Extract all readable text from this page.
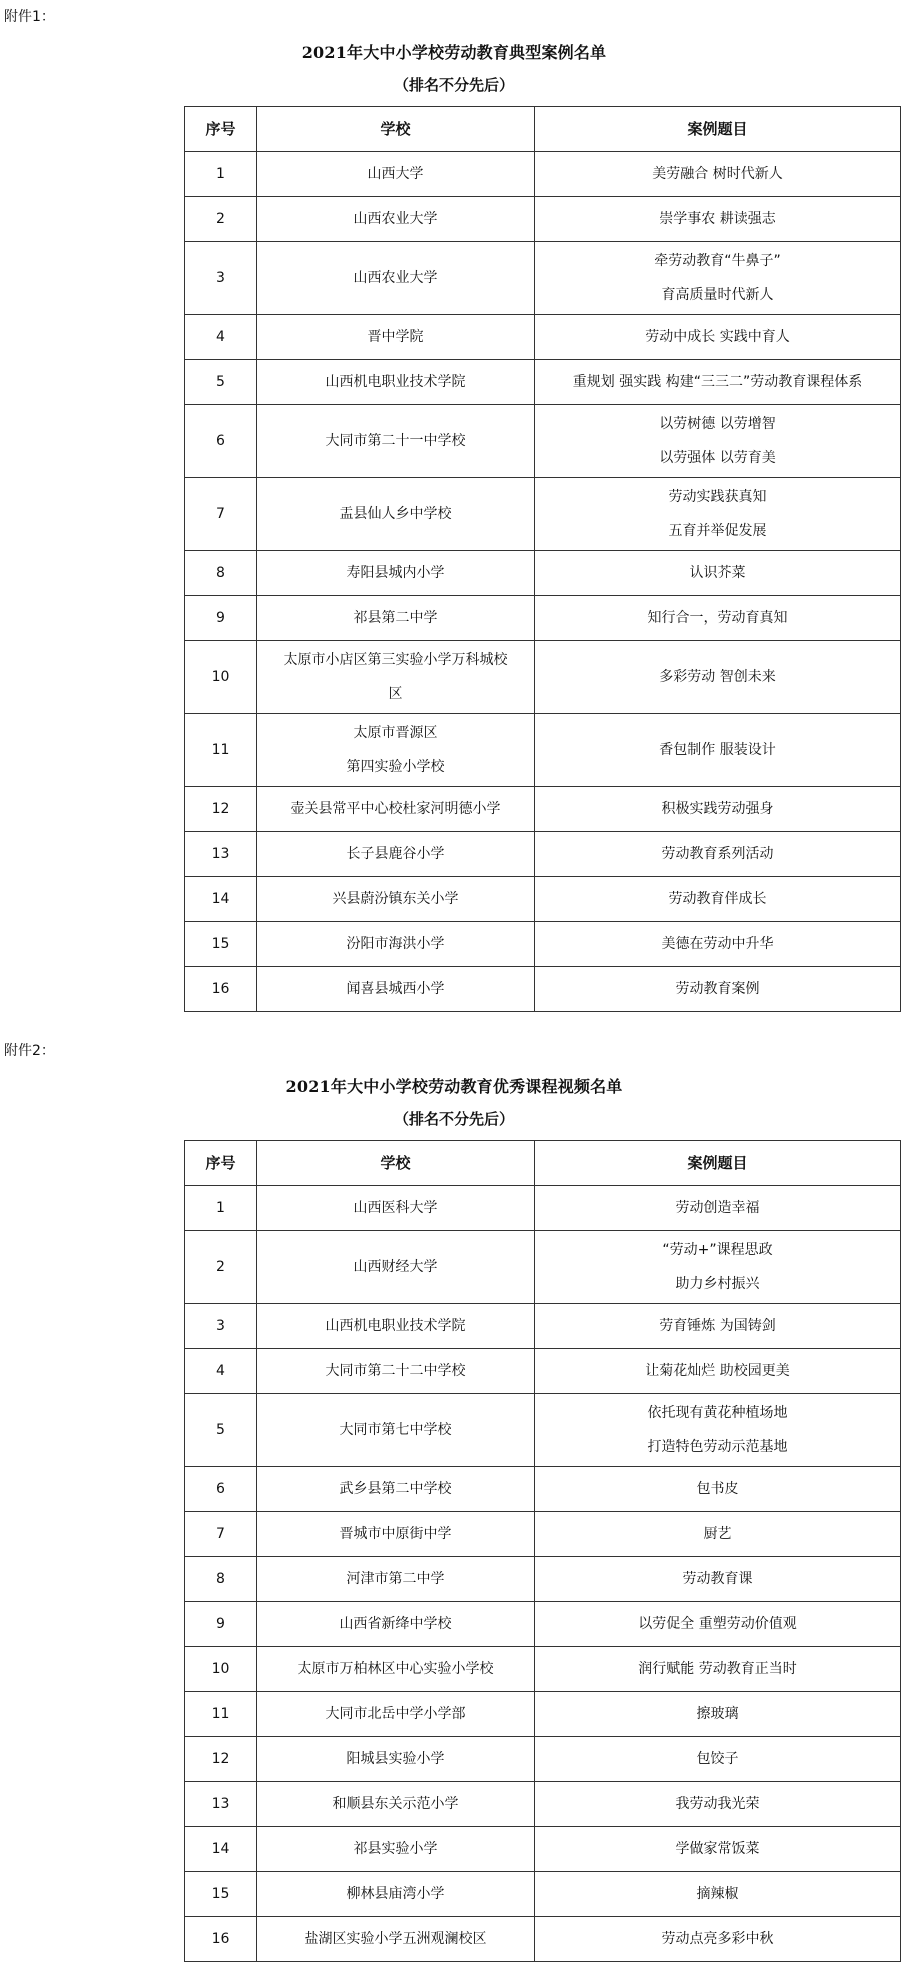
附件1：
2021年大中小学校劳动教育典型案例名单
（排名不分先后）
序号	学校	案例题目
1	山西大学	美劳融合 树时代新人

2	山西农业大学	崇学事农 耕读强志

3	山西农业大学	牵劳动教育“牛鼻子”
育高质量时代新人

4	晋中学院	劳动中成长 实践中育人

5	山西机电职业技术学院	重规划 强实践 构建“三三二”劳动教育课程体系

6	大同市第二十一中学校	以劳树德 以劳增智
以劳强体 以劳育美

7	盂县仙人乡中学校	劳动实践获真知
五育并举促发展

8	寿阳县城内小学	认识芥菜

9	祁县第二中学	知行合一，劳动育真知

10	太原市小店区第三实验小学万科城校
区	多彩劳动 智创未来

11	太原市晋源区
第四实验小学校	香包制作 服装设计

12	壶关县常平中心校杜家河明德小学	积极实践劳动强身

13	长子县鹿谷小学	劳动教育系列活动

14	兴县蔚汾镇东关小学	劳动教育伴成长

15	汾阳市海洪小学	美德在劳动中升华

16	闻喜县城西小学	劳动教育案例
附件2：
2021年大中小学校劳动教育优秀课程视频名单
（排名不分先后）
序号	学校	案例题目
1	山西医科大学	劳动创造幸福

2	山西财经大学	“劳动+”课程思政
助力乡村振兴

3	山西机电职业技术学院	劳育锤炼 为国铸剑

4	大同市第二十二中学校	让菊花灿烂 助校园更美

5	大同市第七中学校	依托现有黄花种植场地
打造特色劳动示范基地

6	武乡县第二中学校	包书皮

7	晋城市中原街中学	厨艺

8	河津市第二中学	劳动教育课

9	山西省新绛中学校	以劳促全 重塑劳动价值观

10	太原市万柏林区中心实验小学校	润行赋能 劳动教育正当时

11	大同市北岳中学小学部	擦玻璃

12	阳城县实验小学	包饺子

13	和顺县东关示范小学	我劳动我光荣

14	祁县实验小学	学做家常饭菜

15	柳林县庙湾小学	摘辣椒

16	盐湖区实验小学五洲观澜校区	劳动点亮多彩中秋
